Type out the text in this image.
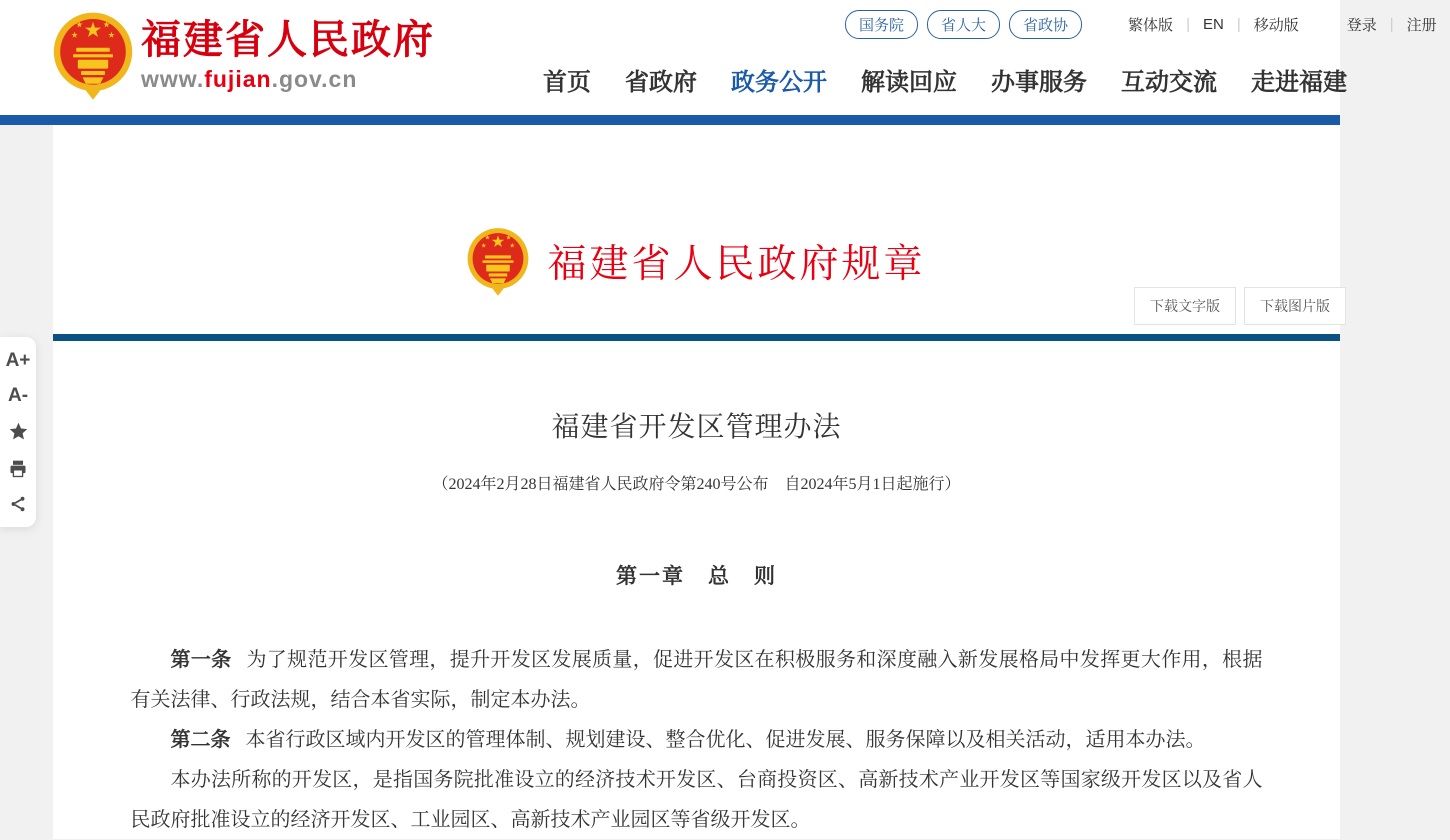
福建省人民政府
www.fujian.gov.cn
国务院	省人大	省政协	繁体版 | EN | 移动版	登录 | 注册
首页 省政府 政务公开 解读回应 办事服务 互动交流 走进福建
A+
A-
福建省人民政府规章
下载文字版	下载图片版
福建省开发区管理办法
（2024年2月28日福建省人民政府令第240号公布　自2024年5月1日起施行）
第一章　总　则

第一条 为了规范开发区管理，提升开发区发展质量，促进开发区在积极服务和深度融入新发展格局中发挥更大作用，根据有关法律、行政法规，结合本省实际，制定本办法。

第二条 本省行政区域内开发区的管理体制、规划建设、整合优化、促进发展、服务保障以及相关活动，适用本办法。

本办法所称的开发区，是指国务院批准设立的经济技术开发区、台商投资区、高新技术产业开发区等国家级开发区以及省人民政府批准设立的经济开发区、工业园区、高新技术产业园区等省级开发区。
